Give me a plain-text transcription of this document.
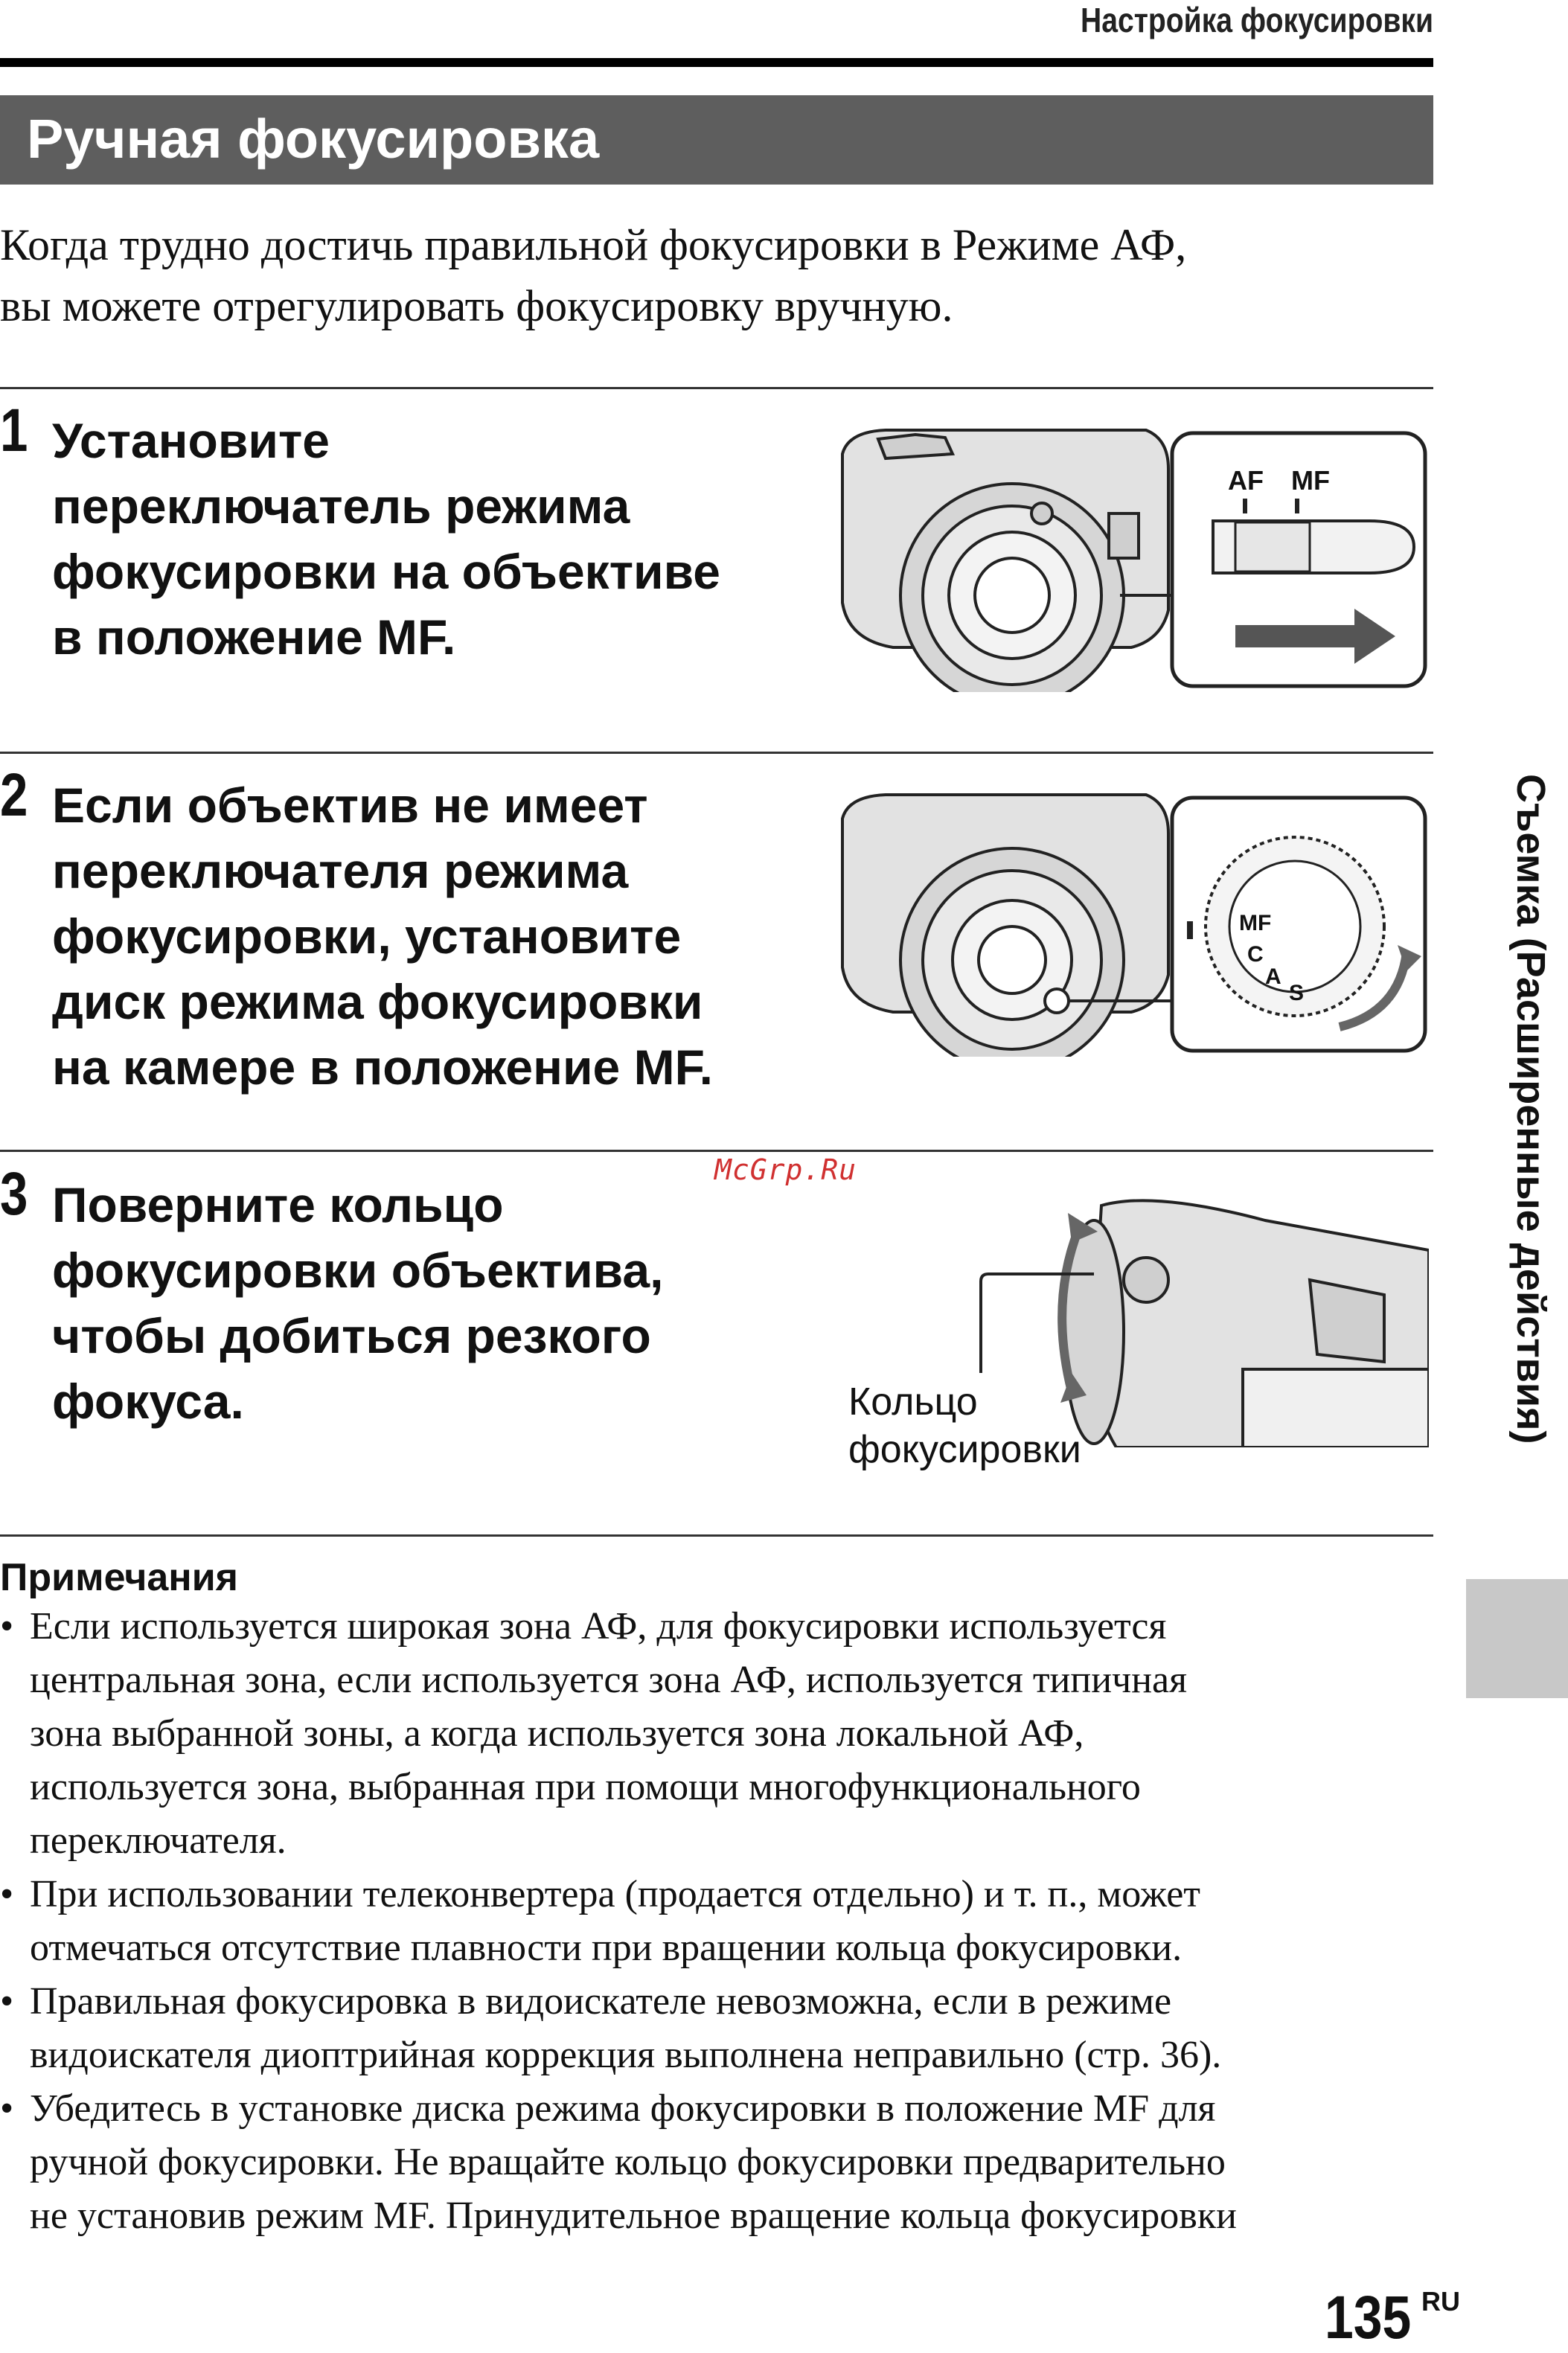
Настройка фокусировки
Ручная фокусировка
Когда трудно достичь правильной фокусировки в Режиме АФ,
вы можете отрегулировать фокусировку вручную.
1 Установите
переключатель режима
фокусировки на объективе
в положение MF.
AF MF
2 Если объектив не имеет
переключателя режима
фокусировки, установите
диск режима фокусировки
на камере в положение MF.
MF
C
A
S
3 Поверните кольцо
фокусировки объектива,
чтобы добиться резкого
фокуса.
McGrp.Ru
Кольцо
фокусировки
Съемка (Расширенные действия)
Примечания
• Если используется широкая зона АФ, для фокусировки используется
центральная зона, если используется зона АФ, используется типичная
зона выбранной зоны, а когда используется зона локальной АФ,
используется зона, выбранная при помощи многофункционального
переключателя.
• При использовании телеконвертера (продается отдельно) и т. п., может
отмечаться отсутствие плавности при вращении кольца фокусировки.
• Правильная фокусировка в видоискателе невозможна, если в режиме
видоискателя диоптрийная коррекция выполнена неправильно (стр. 36).
• Убедитесь в установке диска режима фокусировки в положение MF для
ручной фокусировки. Не вращайте кольцо фокусировки предварительно
не установив режим MF. Принудительное вращение кольца фокусировки
135 RU
